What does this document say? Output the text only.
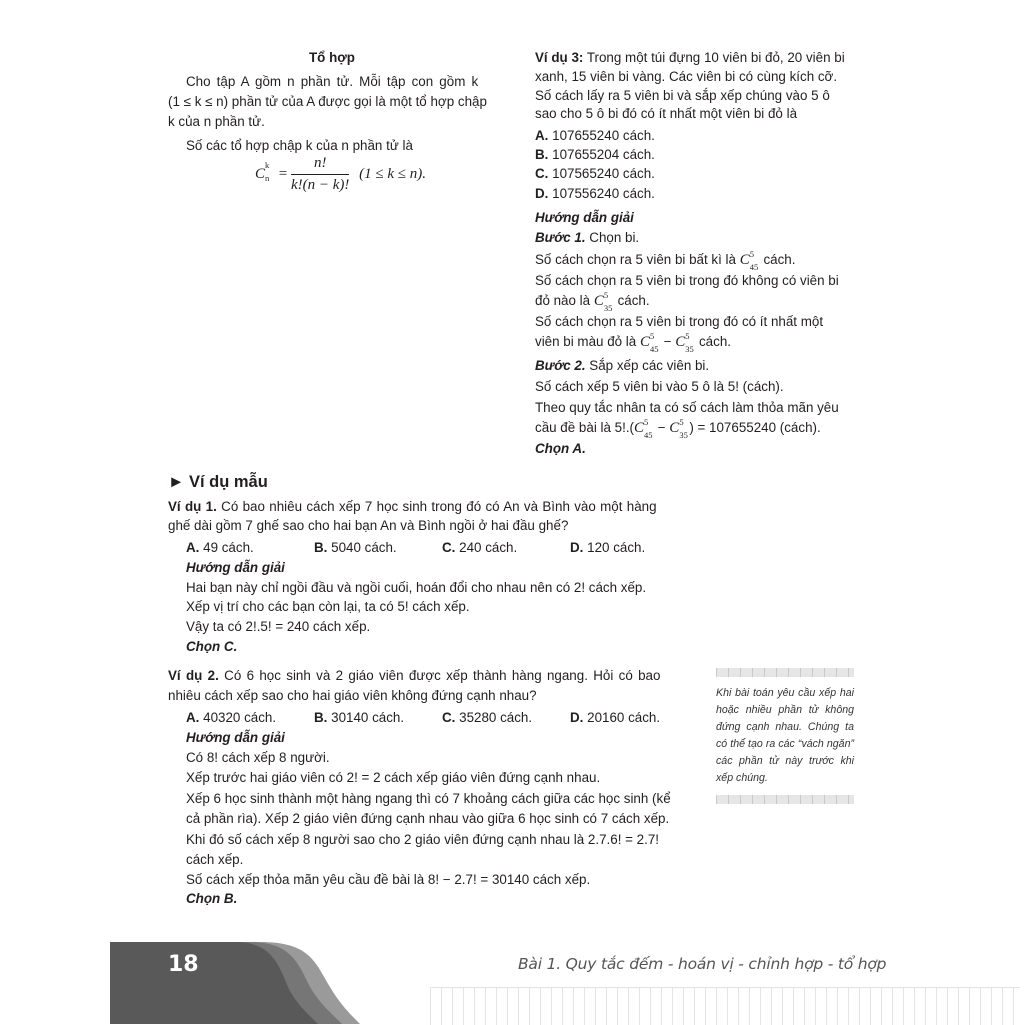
Tổ hợp
Cho tập A gồm n phần tử. Mỗi tập con gồm k
(1 ≤ k ≤ n) phần tử của A được gọi là một tổ hợp chập
k của n phần tử.
Số các tổ hợp chập k của n phần tử là
C
k
$n = \frac{n!}{k!(n - k)!} (1 \le k \le n)$.
Ví dụ 3: Trong một túi đựng 10 viên bi đỏ, 20 viên bi
xanh, 15 viên bi vàng. Các viên bi có cùng kích cỡ.
Số cách lấy ra 5 viên bi và sắp xếp chúng vào 5 ô
sao cho 5 ô bi đó có ít nhất một viên bi đỏ là
A. 107655240 cách.
B. 107655204 cách.
C. 107565240 cách.
D. 107556240 cách.
Hướng dẫn giải
Bước 1. Chọn bi.
Số cách chọn ra 5 viên bi bất kì là C 5
45 cách.
Số cách chọn ra 5 viên bi trong đó không có viên bi
đỏ nào là C 5
35 cách.
Số cách chọn ra 5 viên bi trong đó có ít nhất một
viên bi màu đỏ là C 5
45 − C 5
35 cách.
Bước 2. Sắp xếp các viên bi.
Số cách xếp 5 viên bi vào 5 ô là 5! (cách).
Theo quy tắc nhân ta có số cách làm thỏa mãn yêu
cầu đề bài là 5!.(C 5
45 − C 5
35 ) = 107655240 (cách).
Chọn A.
► Ví dụ mẫu
Ví dụ 1. Có bao nhiêu cách xếp 7 học sinh trong đó có An và Bình vào một hàng
ghế dài gồm 7 ghế sao cho hai bạn An và Bình ngồi ở hai đầu ghế?
A. 49 cách.	B. 5040 cách.	C. 240 cách.	D. 120 cách.
Hướng dẫn giải
Hai bạn này chỉ ngồi đầu và ngồi cuối, hoán đổi cho nhau nên có 2! cách xếp.
Xếp vị trí cho các bạn còn lại, ta có 5! cách xếp.
Vậy ta có 2!.5! = 240 cách xếp.
Chọn C.
Ví dụ 2. Có 6 học sinh và 2 giáo viên được xếp thành hàng ngang. Hỏi có bao
nhiêu cách xếp sao cho hai giáo viên không đứng cạnh nhau?
A. 40320 cách.	B. 30140 cách.	C. 35280 cách.	D. 20160 cách.
Hướng dẫn giải
Có 8! cách xếp 8 người.
Xếp trước hai giáo viên có 2! = 2 cách xếp giáo viên đứng cạnh nhau.
Xếp 6 học sinh thành một hàng ngang thì có 7 khoảng cách giữa các học sinh (kể
cả phần rìa). Xếp 2 giáo viên đứng cạnh nhau vào giữa 6 học sinh có 7 cách xếp.
Khi đó số cách xếp 8 người sao cho 2 giáo viên đứng cạnh nhau là 2.7.6! = 2.7!
cách xếp.
Số cách xếp thỏa mãn yêu cầu đề bài là 8! − 2.7! = 30140 cách xếp.
Chọn B.

Khi bài toán yêu cầu xếp hai hoặc nhiều phần tử không đứng cạnh nhau. Chúng ta có thể tạo ra các “vách ngăn” các phần tử này trước khi xếp chúng.

18	Bài 1. Quy tắc đếm - hoán vị - chỉnh hợp - tổ hợp
